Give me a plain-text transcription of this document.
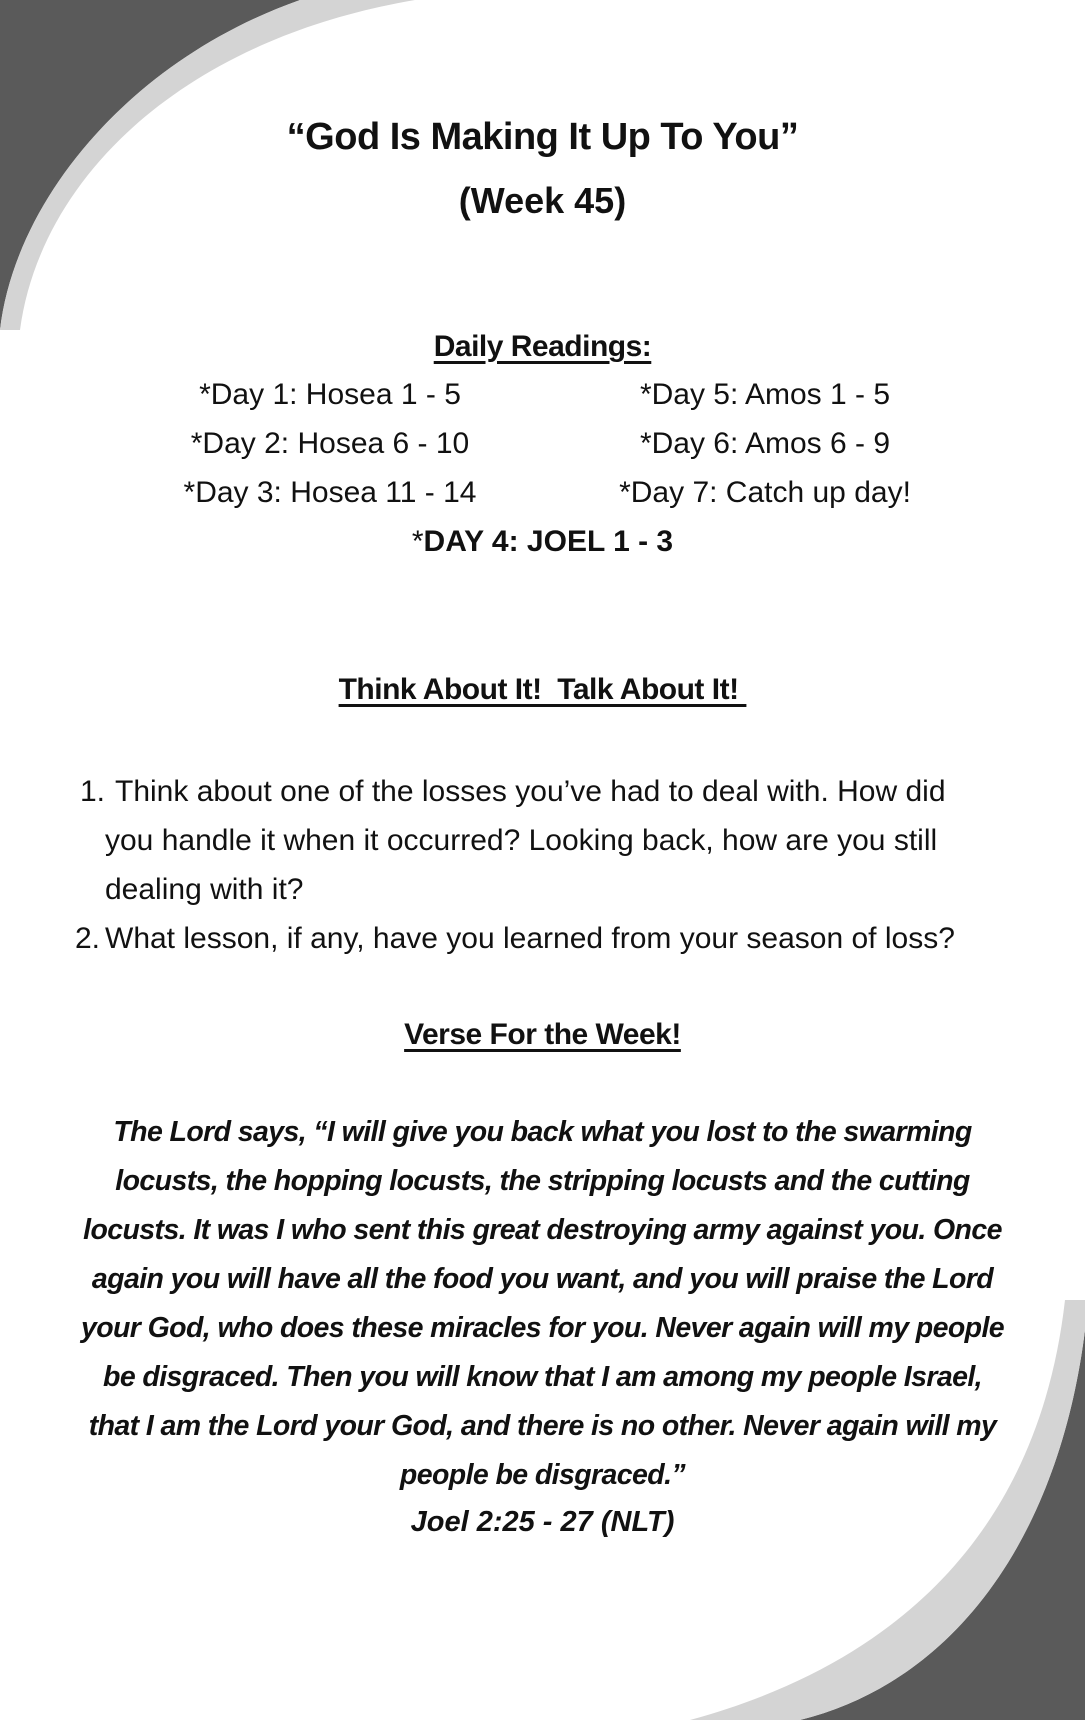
“God Is Making It Up To You”
(Week 45)
Daily Readings:
*Day 1: Hosea 1 - 5
*Day 2: Hosea 6 - 10
*Day 3: Hosea 11 - 14
*Day 5: Amos 1 - 5
*Day 6: Amos 6 - 9
*Day 7: Catch up day!
*DAY 4: JOEL 1 - 3
Think About It!  Talk About It!
1. Think about one of the losses you’ve had to deal with. How did
you handle it when it occurred? Looking back, how are you still
dealing with it?
2. What lesson, if any, have you learned from your season of loss?
Verse For the Week!
The Lord says, “I will give you back what you lost to the swarming
locusts, the hopping locusts, the stripping locusts and the cutting
locusts. It was I who sent this great destroying army against you. Once
again you will have all the food you want, and you will praise the Lord
your God, who does these miracles for you. Never again will my people
be disgraced. Then you will know that I am among my people Israel,
that I am the Lord your God, and there is no other. Never again will my
people be disgraced.”
Joel 2:25 - 27 (NLT)
